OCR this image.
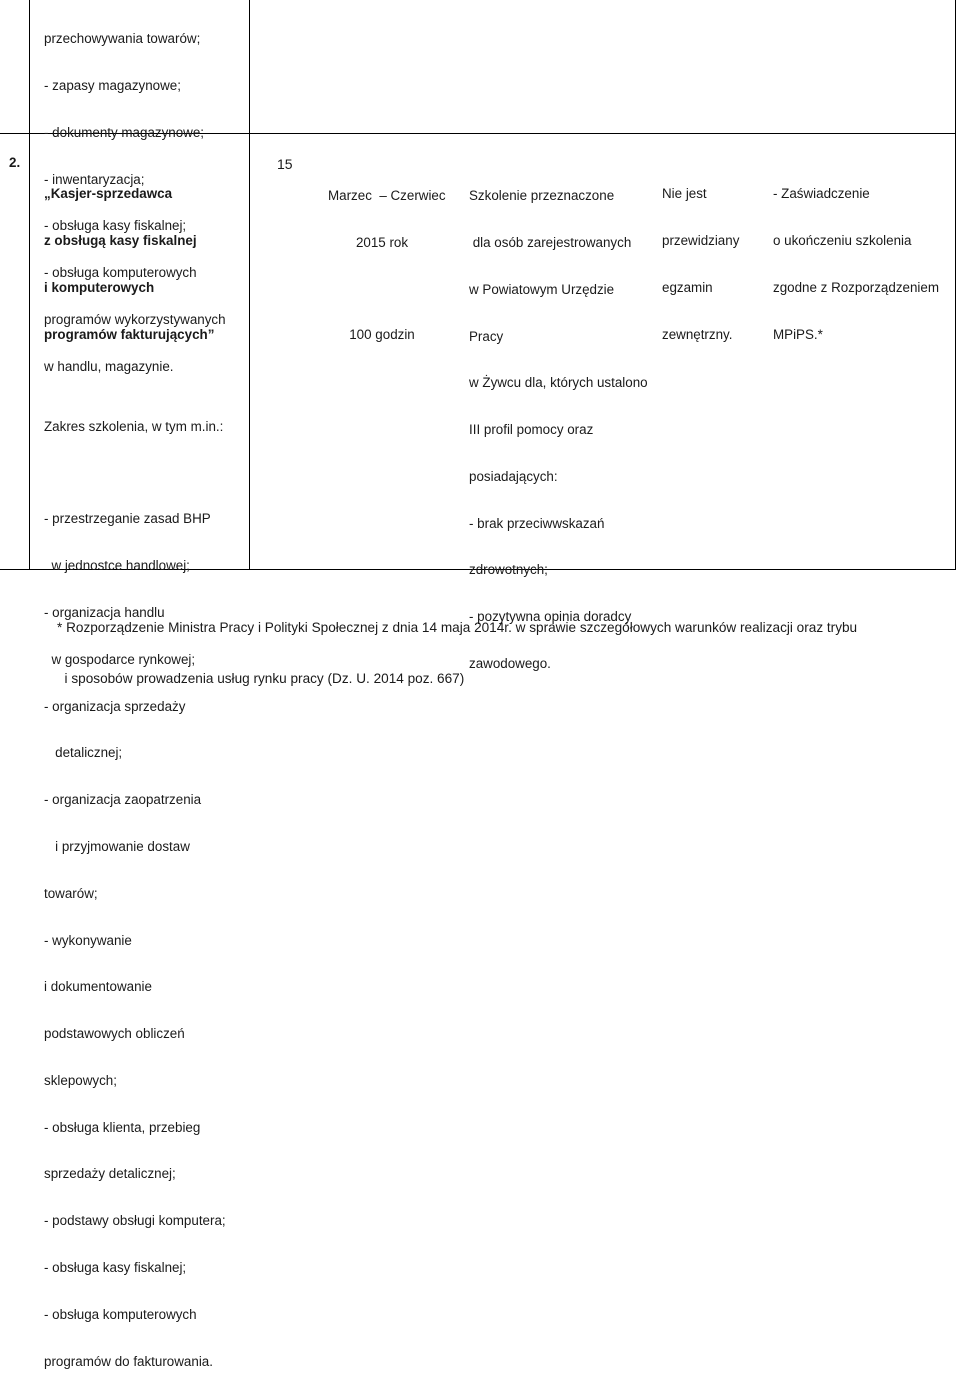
przechowywania towarów;

- zapasy magazynowe;

- dokumenty magazynowe;

- inwentaryzacja;

- obsługa kasy fiskalnej;

- obsługa komputerowych

programów wykorzystywanych

w handlu, magazynie.

2.

„Kasjer-sprzedawca

z obsługą kasy fiskalnej

i komputerowych

programów fakturujących”

Zakres szkolenia, w tym m.in.:

- przestrzeganie zasad BHP

w jednostce handlowej;

- organizacja handlu

w gospodarce rynkowej;

- organizacja sprzedaży

detalicznej;

- organizacja zaopatrzenia

i przyjmowanie dostaw

towarów;

- wykonywanie

i dokumentowanie

podstawowych obliczeń

sklepowych;

- obsługa klienta, przebieg

sprzedaży detalicznej;

- podstawy obsługi komputera;

- obsługa kasy fiskalnej;

- obsługa komputerowych

programów do fakturowania.

15

Marzec  – Czerwiec

2015 rok

100 godzin

Szkolenie przeznaczone

dla osób zarejestrowanych

w Powiatowym Urzędzie

Pracy

w Żywcu dla, których ustalono

III profil pomocy oraz

posiadających:

- brak przeciwwskazań

zdrowotnych;

- pozytywna opinia doradcy

zawodowego.

Nie jest

przewidziany

egzamin

zewnętrzny.

- Zaświadczenie

o ukończeniu szkolenia

zgodne z Rozporządzeniem

MPiPS.*

* Rozporządzenie Ministra Pracy i Polityki Społecznej z dnia 14 maja 2014r. w sprawie szczegółowych warunków realizacji oraz trybu

i sposobów prowadzenia usług rynku pracy (Dz. U. 2014 poz. 667)
